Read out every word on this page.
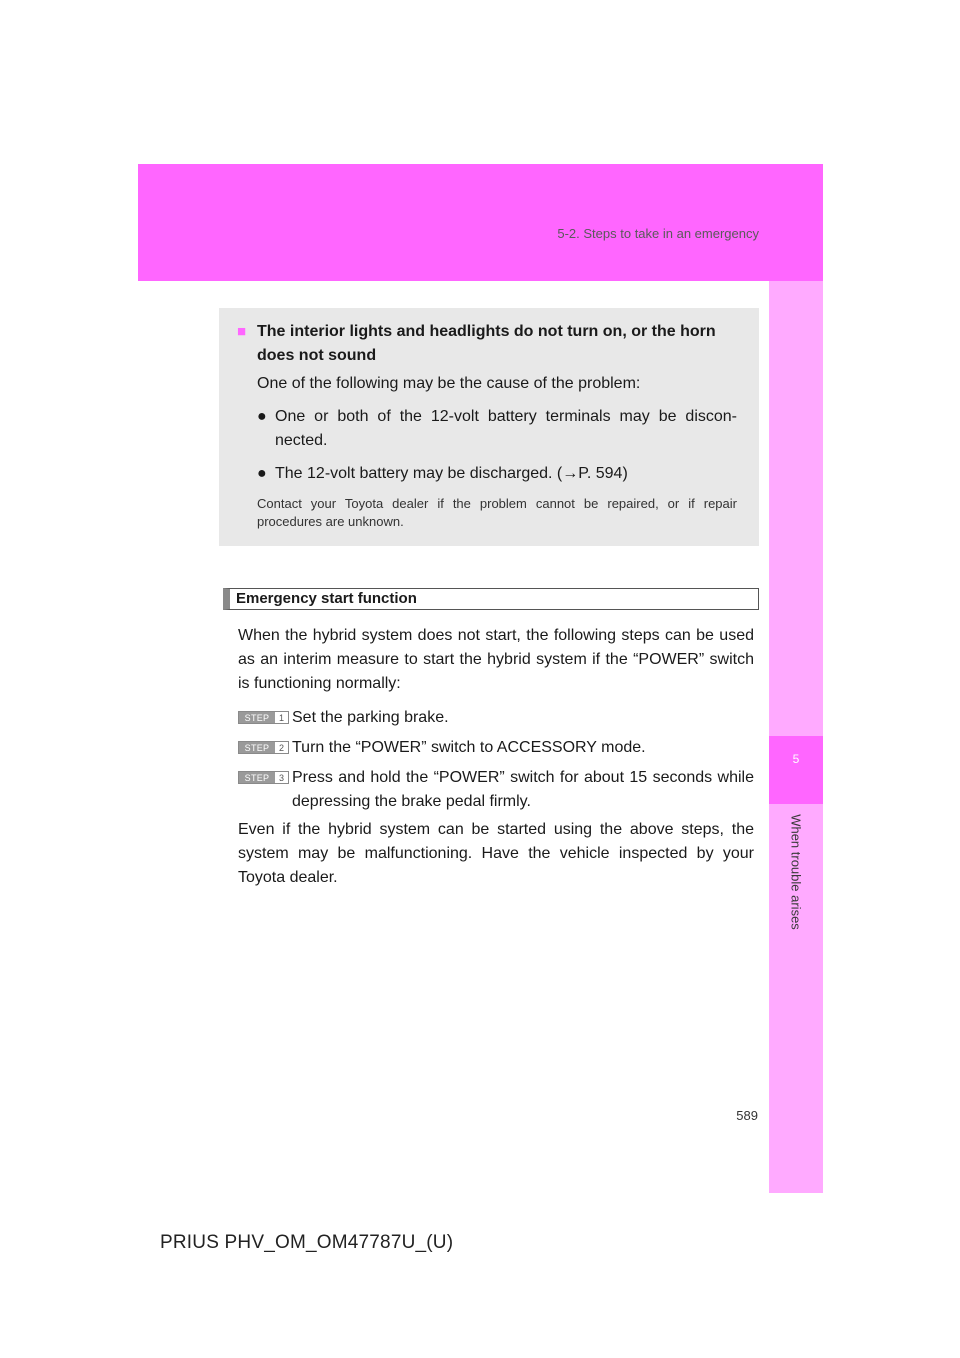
5-2. Steps to take in an emergency
5
When trouble arises
■ The interior lights and headlights do not turn on, or the horn does not sound
One of the following may be the cause of the problem:
● One or both of the 12-volt battery terminals may be discon-nected.
● The 12-volt battery may be discharged. (→P. 594)
Contact your Toyota dealer if the problem cannot be repaired, or if repair procedures are unknown.
Emergency start function

When the hybrid system does not start, the following steps can be used as an interim measure to start the hybrid system if the “POWER” switch is functioning normally:

STEP	1 Set the parking brake.
STEP	2 Turn the “POWER” switch to ACCESSORY mode.
STEP	3 Press and hold the “POWER” switch for about 15 seconds while depressing the brake pedal firmly.

Even if the hybrid system can be started using the above steps, the system may be malfunctioning. Have the vehicle inspected by your Toyota dealer.

589
PRIUS PHV_OM_OM47787U_(U)
